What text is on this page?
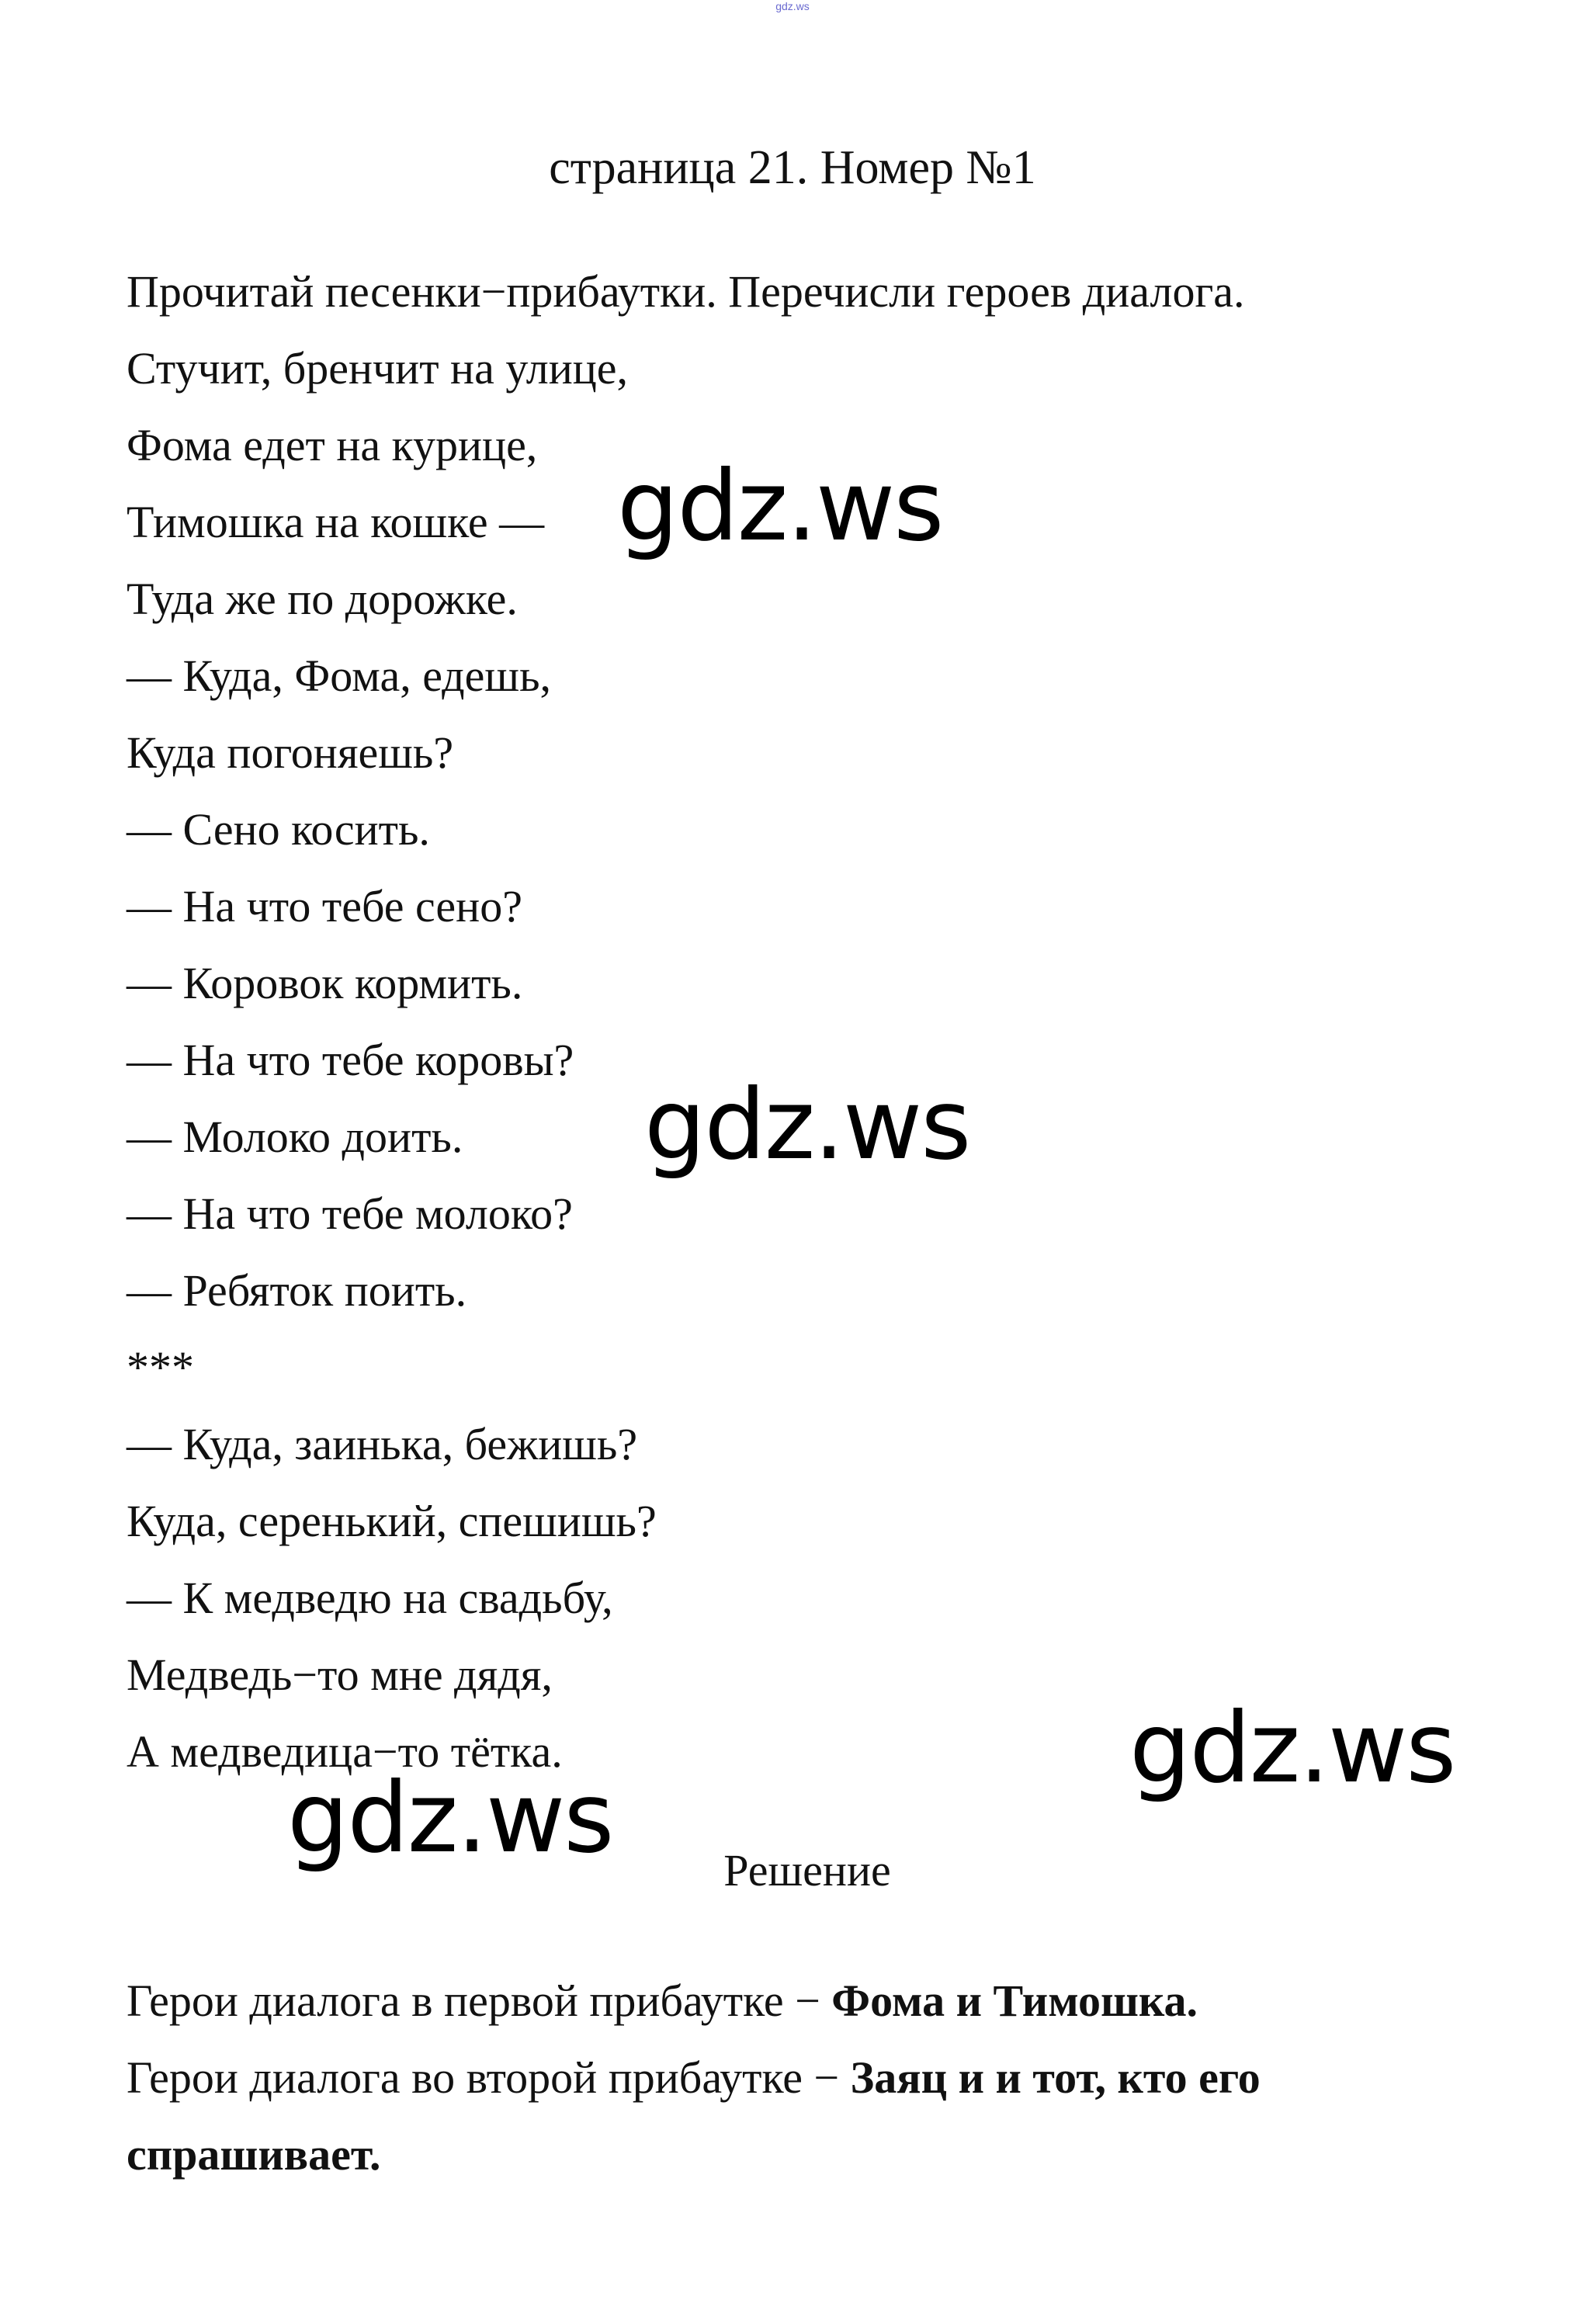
gdz.ws
страница 21. Номер №1
Прочитай песенки−прибаутки. Перечисли героев диалога.
Стучит, бренчит на улице,
Фома едет на курице,
Тимошка на кошке —
Туда же по дорожке.
— Куда, Фома, едешь,
Куда погоняешь?
— Сено косить.
— На что тебе сено?
— Коровок кормить.
— На что тебе коровы?
— Молоко доить.
— На что тебе молоко?
— Ребяток поить.
***
— Куда, заинька, бежишь?
Куда, серенький, спешишь?
— К медведю на свадьбу,
Медведь−то мне дядя,
А медведица−то тётка.
Решение
Герои диалога в первой прибаутке − Фома и Тимошка.
Герои диалога во второй прибаутке − Заяц и и тот, кто его
спрашивает.
gdz.ws
gdz.ws
gdz.ws
gdz.ws
